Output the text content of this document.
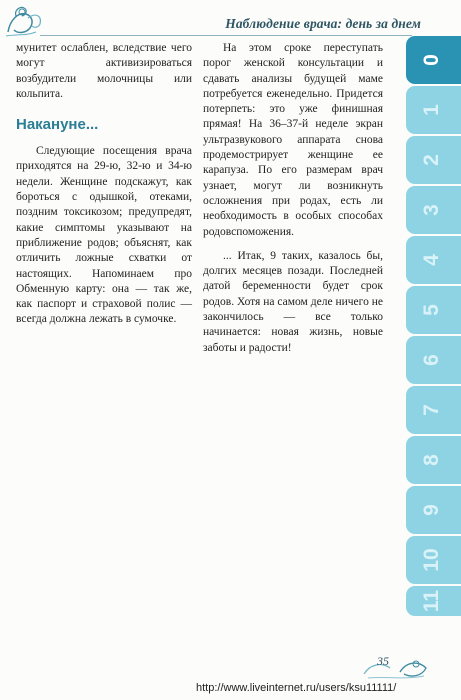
Наблюдение врача: день за днем

мунитет ослаблен, вследствие чего могут активизироваться возбудители молочницы или кольпита.

Накануне...

Следующие посещения врача приходятся на 29-ю, 32-ю и 34-ю недели. Женщине подскажут, как бороться с одышкой, отеками, поздним токсикозом; предупредят, какие симптомы указывают на приближение родов; объяснят, как отличить ложные схватки от настоящих. Напоминаем про Обменную карту: она — так же, как паспорт и страховой полис — всегда должна лежать в сумочке.

На этом сроке переступать порог женской консультации и сдавать анализы будущей маме потребуется еженедельно. Придется потерпеть: это уже финишная прямая! На 36–37-й неделе экран ультразвукового аппарата снова продемострирует женщине ее карапуза. По его размерам врач узнает, могут ли возникнуть осложнения при родах, есть ли необходимость в особых способах родовспоможения.

... Итак, 9 таких, казалось бы, долгих месяцев позади. Последней датой беременности будет срок родов. Хотя на самом деле ничего не закончилось — все только начинается: новая жизнь, новые заботы и радости!

0
1
2
3
4
5
6
7
8
9
10
11
35
http://www.liveinternet.ru/users/ksu11111/
